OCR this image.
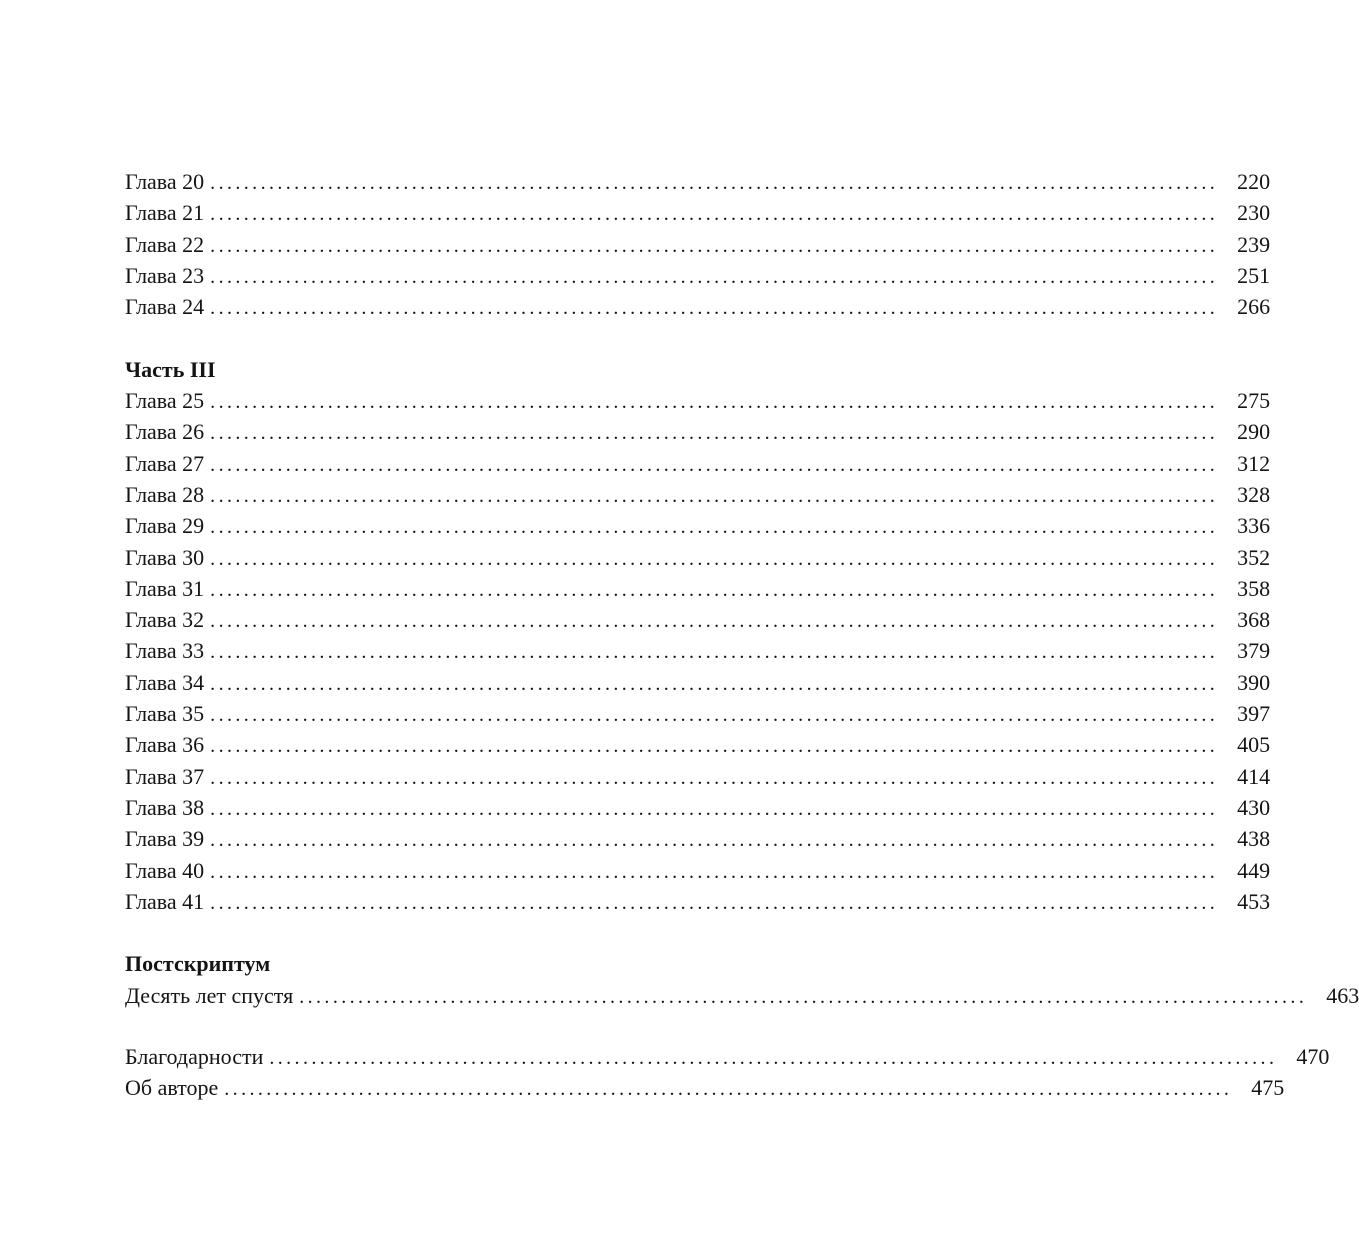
Глава 20 ........................................................................................................................ 220
Глава 21 ........................................................................................................................ 230
Глава 22 ........................................................................................................................ 239
Глава 23 ........................................................................................................................ 251
Глава 24 ........................................................................................................................ 266
Часть III
Глава 25 ........................................................................................................................ 275
Глава 26 ........................................................................................................................ 290
Глава 27 ........................................................................................................................ 312
Глава 28 ........................................................................................................................ 328
Глава 29 ........................................................................................................................ 336
Глава 30 ........................................................................................................................ 352
Глава 31 ........................................................................................................................ 358
Глава 32 ........................................................................................................................ 368
Глава 33 ........................................................................................................................ 379
Глава 34 ........................................................................................................................ 390
Глава 35 ........................................................................................................................ 397
Глава 36 ........................................................................................................................ 405
Глава 37 ........................................................................................................................ 414
Глава 38 ........................................................................................................................ 430
Глава 39 ........................................................................................................................ 438
Глава 40 ........................................................................................................................ 449
Глава 41 ........................................................................................................................ 453
Постскриптум
Десять лет спустя ........................................................................................................................ 463
Благодарности ........................................................................................................................ 470
Об авторе ........................................................................................................................ 475
